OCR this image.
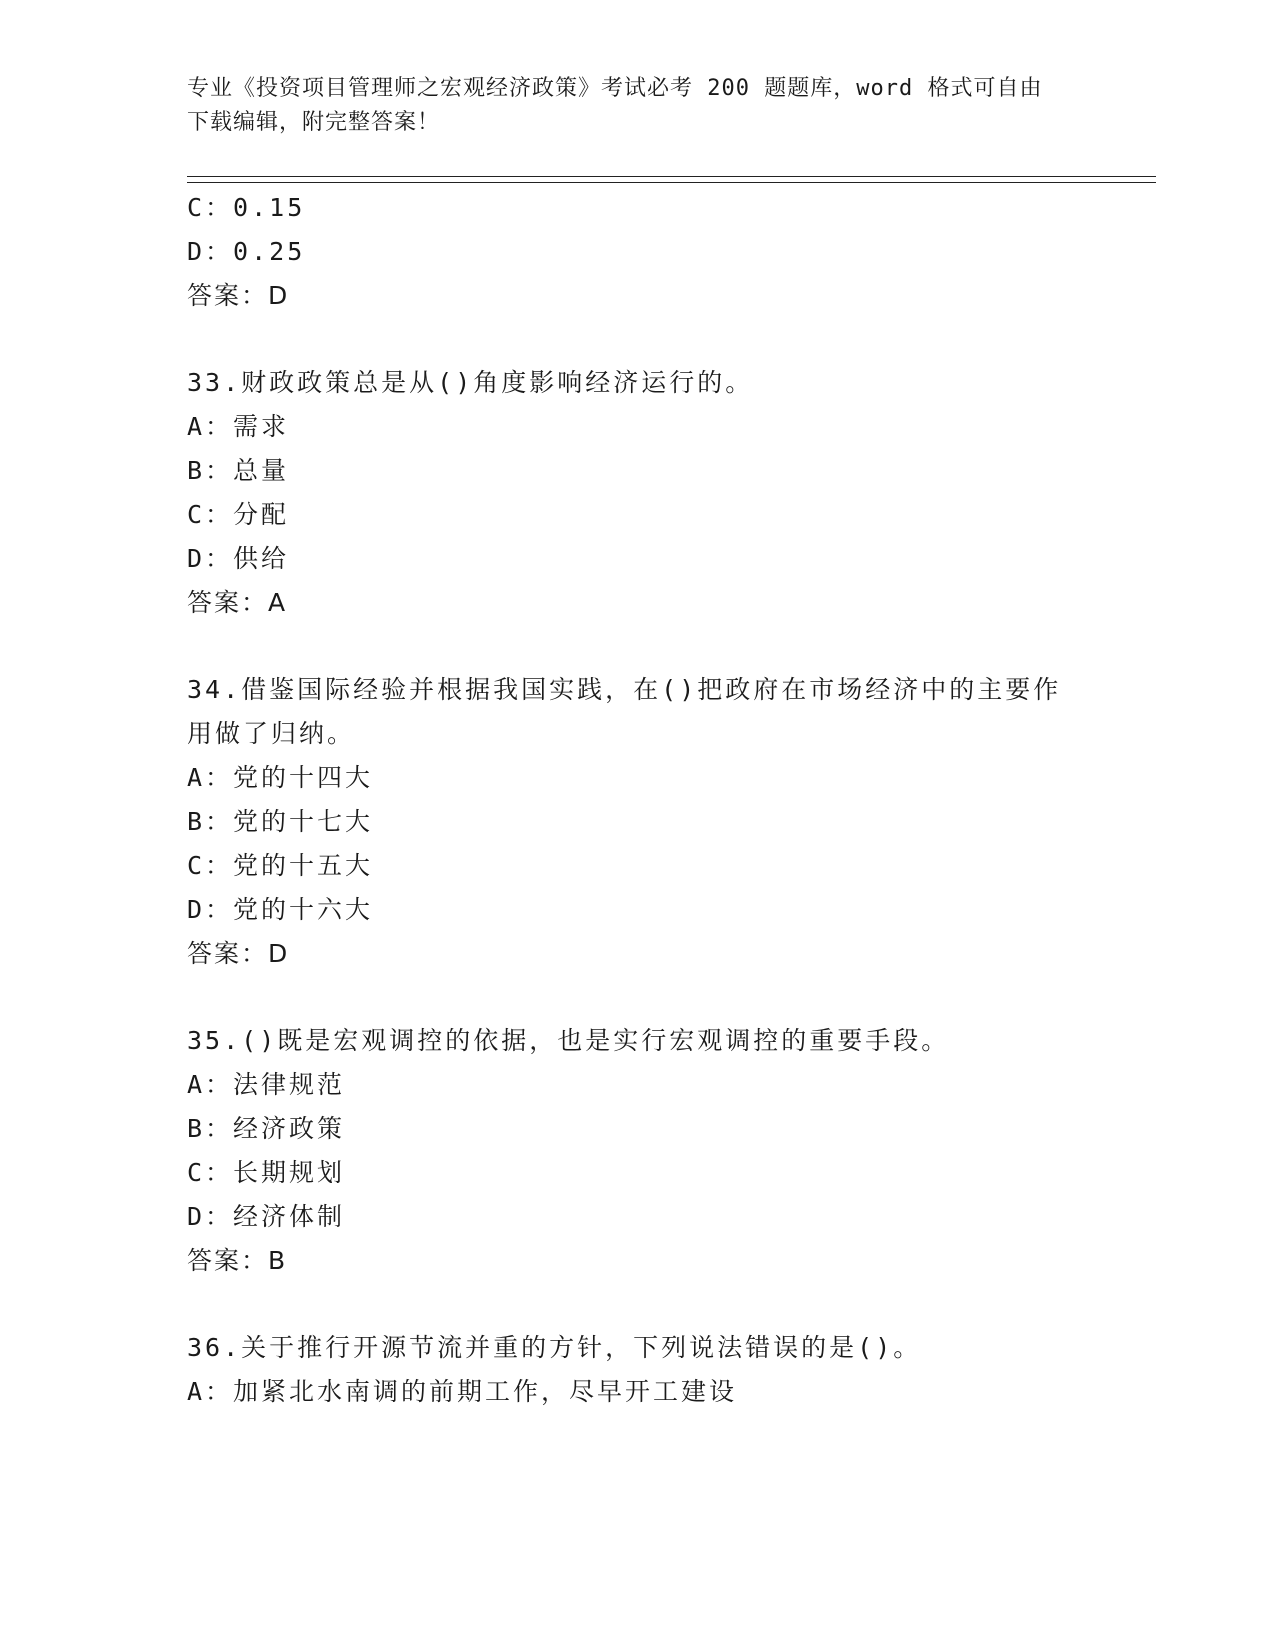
专业《投资项目管理师之宏观经济政策》考试必考 200 题题库，word 格式可自由
下载编辑，附完整答案！
C：0.15
D：0.25
答案：D
33.财政政策总是从()角度影响经济运行的。
A：需求
B：总量
C：分配
D：供给
答案：A
34.借鉴国际经验并根据我国实践，在()把政府在市场经济中的主要作
用做了归纳。
A：党的十四大
B：党的十七大
C：党的十五大
D：党的十六大
答案：D
35.()既是宏观调控的依据，也是实行宏观调控的重要手段。
A：法律规范
B：经济政策
C：长期规划
D：经济体制
答案：B
36.关于推行开源节流并重的方针，下列说法错误的是()。
A：加紧北水南调的前期工作，尽早开工建设
